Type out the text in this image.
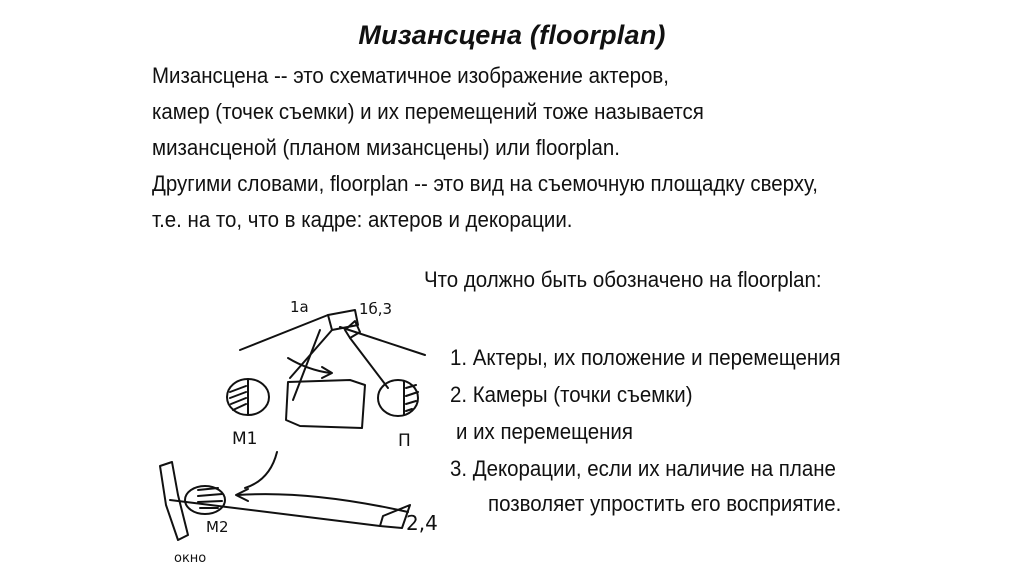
Мизансцена (floorplan)
Мизансцена -- это схематичное изображение актеров,
камер (точек съемки) и их перемещений тоже называется
мизансценой (планом мизансцены) или floorplan.
Другими словами, floorplan -- это вид на съемочную площадку сверху,
т.е. на то, что в кадре: актеров и декорации.
Что должно быть обозначено на floorplan:
1. Актеры, их положение и перемещения
2. Камеры (точки съемки)
и их перемещения
3. Декорации, если их наличие на плане
позволяет упростить его восприятие.
1а	1б,3
М1	П
М2	2,4
окно
